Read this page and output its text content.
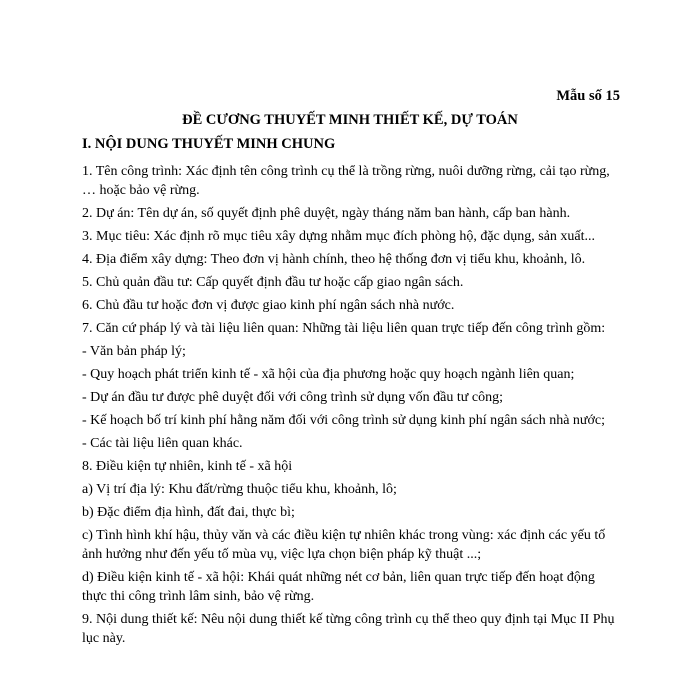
Mẫu số 15
ĐỀ CƯƠNG THUYẾT MINH THIẾT KẾ, DỰ TOÁN
I. NỘI DUNG THUYẾT MINH CHUNG

1. Tên công trình: Xác định tên công trình cụ thể là trồng rừng, nuôi dưỡng rừng, cải tạo rừng, … hoặc bảo vệ rừng.

2. Dự án: Tên dự án, số quyết định phê duyệt, ngày tháng năm ban hành, cấp ban hành.

3. Mục tiêu: Xác định rõ mục tiêu xây dựng nhằm mục đích phòng hộ, đặc dụng, sản xuất...

4. Địa điểm xây dựng: Theo đơn vị hành chính, theo hệ thống đơn vị tiểu khu, khoảnh, lô.

5. Chủ quản đầu tư: Cấp quyết định đầu tư hoặc cấp giao ngân sách.

6. Chủ đầu tư hoặc đơn vị được giao kinh phí ngân sách nhà nước.

7. Căn cứ pháp lý và tài liệu liên quan: Những tài liệu liên quan trực tiếp đến công trình gồm:

- Văn bản pháp lý;

- Quy hoạch phát triển kinh tế - xã hội của địa phương hoặc quy hoạch ngành liên quan;

- Dự án đầu tư được phê duyệt đối với công trình sử dụng vốn đầu tư công;

- Kế hoạch bố trí kinh phí hằng năm đối với công trình sử dụng kinh phí ngân sách nhà nước;

- Các tài liệu liên quan khác.

8. Điều kiện tự nhiên, kinh tế - xã hội

a) Vị trí địa lý: Khu đất/rừng thuộc tiểu khu, khoảnh, lô;

b) Đặc điểm địa hình, đất đai, thực bì;

c) Tình hình khí hậu, thủy văn và các điều kiện tự nhiên khác trong vùng: xác định các yếu tố ảnh hưởng như đến yếu tố mùa vụ, việc lựa chọn biện pháp kỹ thuật ...;

d) Điều kiện kinh tế - xã hội: Khái quát những nét cơ bản, liên quan trực tiếp đến hoạt động thực thi công trình lâm sinh, bảo vệ rừng.

9. Nội dung thiết kế: Nêu nội dung thiết kế từng công trình cụ thể theo quy định tại Mục II Phụ lục này.
